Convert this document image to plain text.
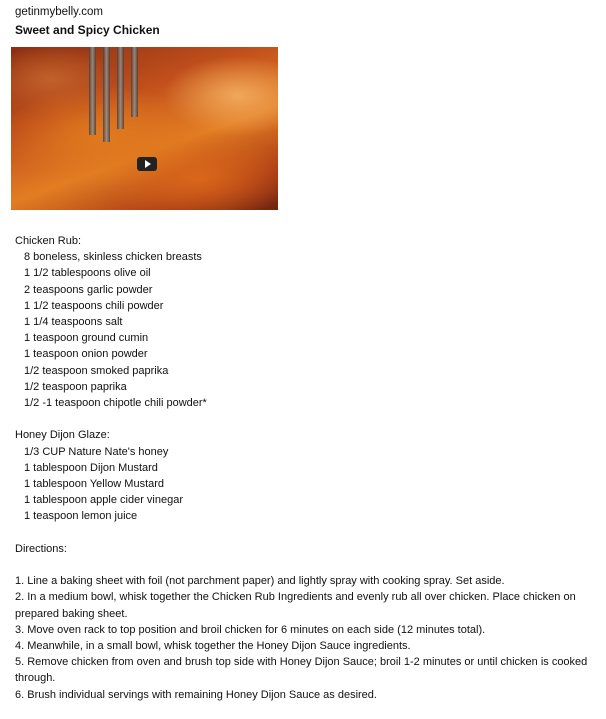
getinmybelly.com
Sweet and Spicy Chicken

Chicken Rub:

8 boneless, skinless chicken breasts

1 1/2 tablespoons olive oil

2 teaspoons garlic powder

1 1/2 teaspoons chili powder

1 1/4 teaspoons salt

1 teaspoon ground cumin

1 teaspoon onion powder

1/2 teaspoon smoked paprika

1/2 teaspoon paprika

1/2 -1 teaspoon chipotle chili powder*

Honey Dijon Glaze:

1/3 CUP Nature Nate's honey

1 tablespoon Dijon Mustard

1 tablespoon Yellow Mustard

1 tablespoon apple cider vinegar

1 teaspoon lemon juice

Directions:

1. Line a baking sheet with foil (not parchment paper) and lightly spray with cooking spray. Set aside.

2. In a medium bowl, whisk together the Chicken Rub Ingredients and evenly rub all over chicken. Place chicken on prepared baking sheet.

3. Move oven rack to top position and broil chicken for 6 minutes on each side (12 minutes total).

4. Meanwhile, in a small bowl, whisk together the Honey Dijon Sauce ingredients.

5. Remove chicken from oven and brush top side with Honey Dijon Sauce; broil 1-2 minutes or until chicken is cooked through.

6. Brush individual servings with remaining Honey Dijon Sauce as desired.
